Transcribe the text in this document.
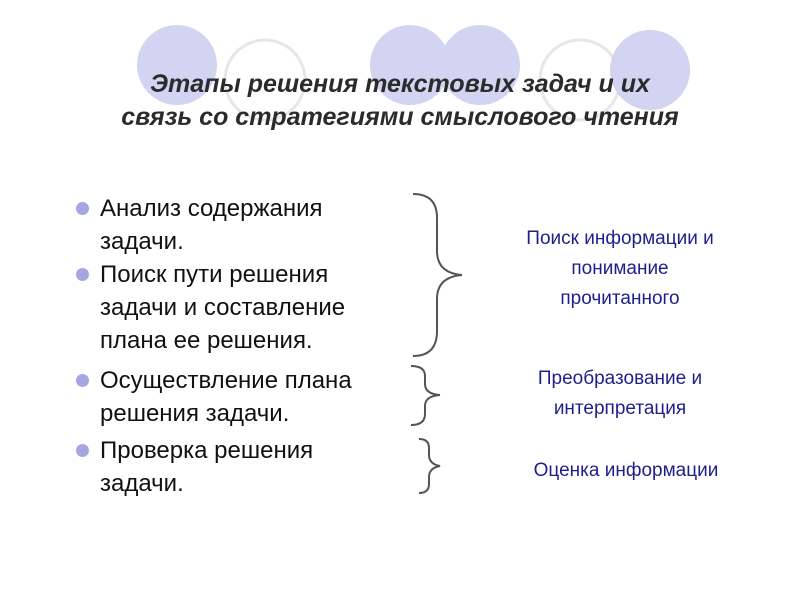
Этапы решения текстовых задач и их
связь со стратегиями смыслового чтения
Анализ содержания
задачи.
Поиск пути решения
задачи и составление
плана ее решения.
Осуществление плана
решения задачи.
Проверка решения
задачи.
Поиск информации и
понимание
прочитанного
Преобразование и
интерпретация
Оценка информации
